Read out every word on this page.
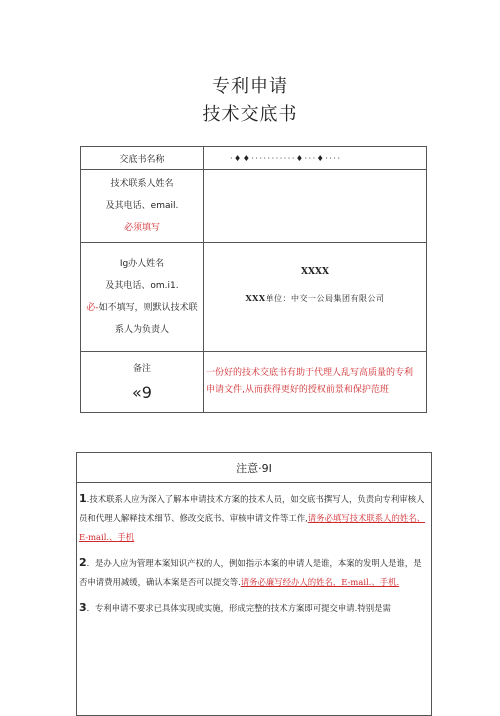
专利申请
技术交底书
交底书名称	·♦♦···········♦···♦····

技术联系人姓名
及其电话、email.
必须填写	

Ig办人姓名
及其电话、om.i1.
必-如不填写，则默认技术联
系人为负责人	XXXX
XXX单位：中交一公局集团有限公司

备注
«9	一份好的技术交底书有助于代理人乱写高质量的专利
申请文件,从而获得更好的授权前景和保护范班
注意·9I
1.技术联系人应为深入了解本申请技术方案的技术人员，如交底书撰写人，负责向专利审核人员和代理人解释技术细节、修改交底书、审核申请文件等工作,请务必填写技术联系人的姓名、E-mail.、手机
2．是办人应为管理本案知识产权的人，例如指示本案的申请人是谁，本案的发明人是谁，是否申请费用减缓，确认本案是否可以提交等.请务必廉写经办人的姓名，E-mail.、手机.
3．专利申请不要求已具体实现或实施，形成完整的技术方案即可提交申请.特别是需
